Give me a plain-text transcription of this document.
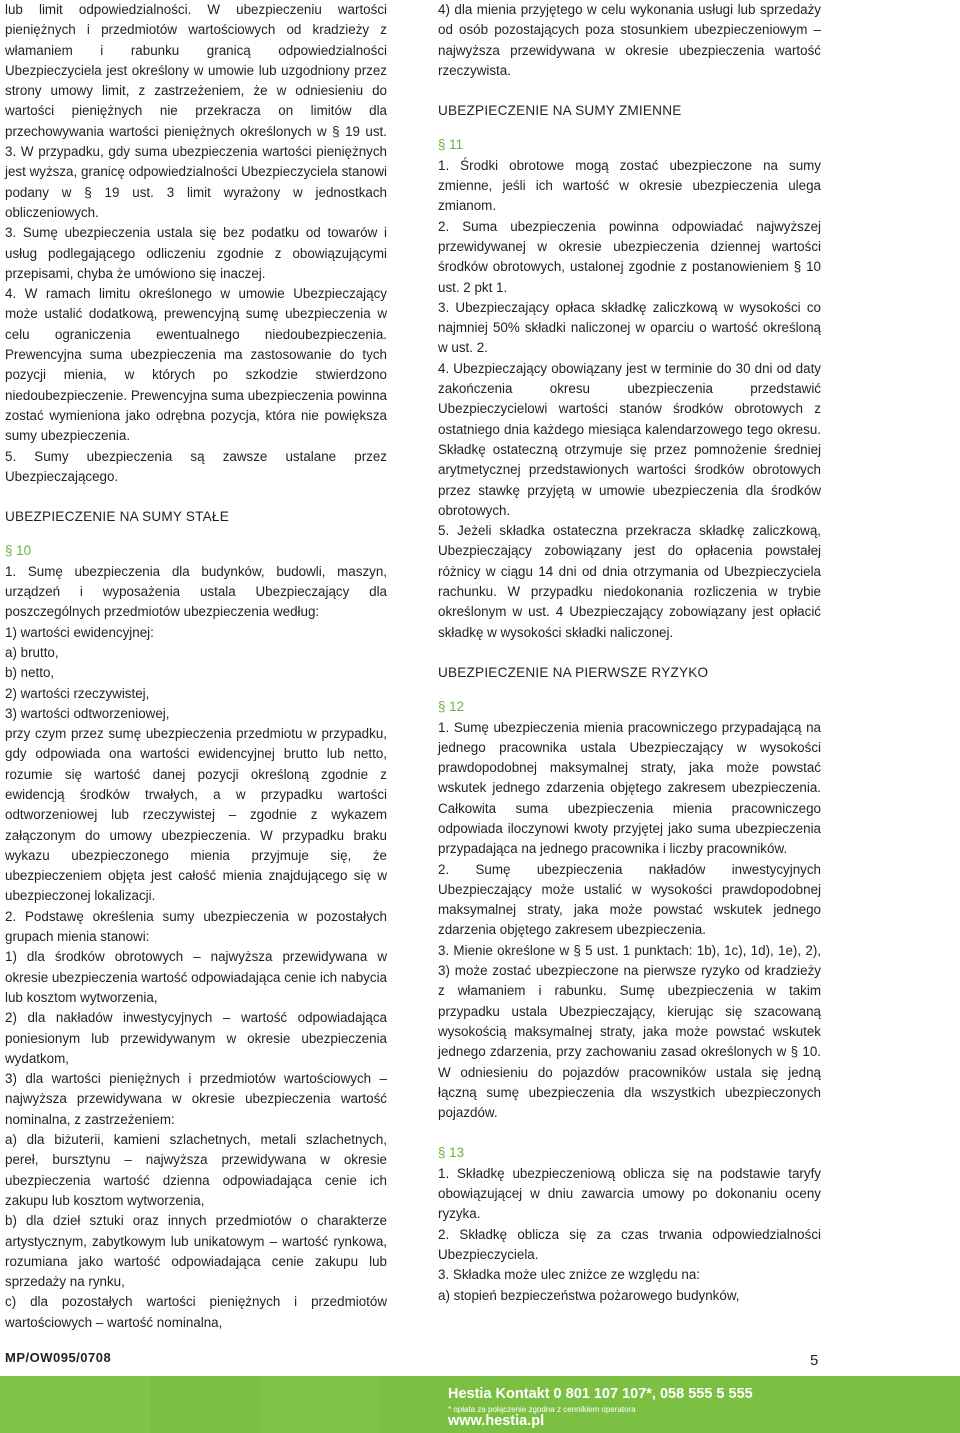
lub limit odpowiedzialności. W ubezpieczeniu wartości pieniężnych i przedmiotów wartościowych od kradzieży z włamaniem i rabunku granicą odpowiedzialności Ubezpieczyciela jest określony w umowie lub uzgodniony przez strony umowy limit, z zastrzeżeniem, że w odniesieniu do wartości pieniężnych nie przekracza on limitów dla przechowywania wartości pieniężnych określonych w § 19 ust. 3. W przypadku, gdy suma ubezpieczenia wartości pieniężnych jest wyższa, granicę odpowiedzialności Ubezpieczyciela stanowi podany w § 19 ust. 3 limit wyrażony w jednostkach obliczeniowych.

3. Sumę ubezpieczenia ustala się bez podatku od towarów i usług podlegającego odliczeniu zgodnie z obowiązującymi przepisami, chyba że umówiono się inaczej.

4. W ramach limitu określonego w umowie Ubezpieczający może ustalić dodatkową, prewencyjną sumę ubezpieczenia w celu ograniczenia ewentualnego niedoubezpieczenia. Prewencyjna suma ubezpieczenia ma zastosowanie do tych pozycji mienia, w których po szkodzie stwierdzono niedoubezpieczenie. Prewencyjna suma ubezpieczenia powinna zostać wymieniona jako odrębna pozycja, która nie powiększa sumy ubezpieczenia.

5. Sumy ubezpieczenia są zawsze ustalane przez Ubezpieczającego.

UBEZPIECZENIE NA SUMY STAŁE
§ 10

1. Sumę ubezpieczenia dla budynków, budowli, maszyn, urządzeń i wyposażenia ustala Ubezpieczający dla poszczególnych przedmiotów ubezpieczenia według:

1) wartości ewidencyjnej:

a) brutto,

b) netto,

2) wartości rzeczywistej,

3) wartości odtworzeniowej,

przy czym przez sumę ubezpieczenia przedmiotu w przypadku, gdy odpowiada ona wartości ewidencyjnej brutto lub netto, rozumie się wartość danej pozycji określoną zgodnie z ewidencją środków trwałych, a w przypadku wartości odtworzeniowej lub rzeczywistej – zgodnie z wykazem załączonym do umowy ubezpieczenia. W przypadku braku wykazu ubezpieczonego mienia przyjmuje się, że ubezpieczeniem objęta jest całość mienia znajdującego się w ubezpieczonej lokalizacji.

2. Podstawę określenia sumy ubezpieczenia w pozostałych grupach mienia stanowi:

1) dla środków obrotowych – najwyższa przewidywana w okresie ubezpieczenia wartość odpowiadająca cenie ich nabycia lub kosztom wytworzenia,

2) dla nakładów inwestycyjnych – wartość odpowiadająca poniesionym lub przewidywanym w okresie ubezpieczenia wydatkom,

3) dla wartości pieniężnych i przedmiotów wartościowych – najwyższa przewidywana w okresie ubezpieczenia wartość nominalna, z zastrzeżeniem:

a) dla biżuterii, kamieni szlachetnych, metali szlachetnych, pereł, bursztynu – najwyższa przewidywana w okresie ubezpieczenia wartość dzienna odpowiadająca cenie ich zakupu lub kosztom wytworzenia,

b) dla dzieł sztuki oraz innych przedmiotów o charakterze artystycznym, zabytkowym lub unikatowym – wartość rynkowa, rozumiana jako wartość odpowiadająca cenie zakupu lub sprzedaży na rynku,

c) dla pozostałych wartości pieniężnych i przedmiotów wartościowych – wartość nominalna,

4) dla mienia przyjętego w celu wykonania usługi lub sprzedaży od osób pozostających poza stosunkiem ubezpieczeniowym – najwyższa przewidywana w okresie ubezpieczenia wartość rzeczywista.

UBEZPIECZENIE NA SUMY ZMIENNE
§ 11

1. Środki obrotowe mogą zostać ubezpieczone na sumy zmienne, jeśli ich wartość w okresie ubezpieczenia ulega zmianom.

2. Suma ubezpieczenia powinna odpowiadać najwyższej przewidywanej w okresie ubezpieczenia dziennej wartości środków obrotowych, ustalonej zgodnie z postanowieniem § 10 ust. 2 pkt 1.

3. Ubezpieczający opłaca składkę zaliczkową w wysokości co najmniej 50% składki naliczonej w oparciu o wartość określoną w ust. 2.

4. Ubezpieczający obowiązany jest w terminie do 30 dni od daty zakończenia okresu ubezpieczenia przedstawić Ubezpieczycielowi wartości stanów środków obrotowych z ostatniego dnia każdego miesiąca kalendarzowego tego okresu. Składkę ostateczną otrzymuje się przez pomnożenie średniej arytmetycznej przedstawionych wartości środków obrotowych przez stawkę przyjętą w umowie ubezpieczenia dla środków obrotowych.

5. Jeżeli składka ostateczna przekracza składkę zaliczkową, Ubezpieczający zobowiązany jest do opłacenia powstałej różnicy w ciągu 14 dni od dnia otrzymania od Ubezpieczyciela rachunku. W przypadku niedokonania rozliczenia w trybie określonym w ust. 4 Ubezpieczający zobowiązany jest opłacić składkę w wysokości składki naliczonej.

UBEZPIECZENIE NA PIERWSZE RYZYKO
§ 12

1. Sumę ubezpieczenia mienia pracowniczego przypadającą na jednego pracownika ustala Ubezpieczający w wysokości prawdopodobnej maksymalnej straty, jaka może powstać wskutek jednego zdarzenia objętego zakresem ubezpieczenia. Całkowita suma ubezpieczenia mienia pracowniczego odpowiada iloczynowi kwoty przyjętej jako suma ubezpieczenia przypadająca na jednego pracownika i liczby pracowników.

2. Sumę ubezpieczenia nakładów inwestycyjnych Ubezpieczający może ustalić w wysokości prawdopodobnej maksymalnej straty, jaka może powstać wskutek jednego zdarzenia objętego zakresem ubezpieczenia.

3. Mienie określone w § 5 ust. 1 punktach: 1b), 1c), 1d), 1e), 2), 3) może zostać ubezpieczone na pierwsze ryzyko od kradzieży z włamaniem i rabunku. Sumę ubezpieczenia w takim przypadku ustala Ubezpieczający, kierując się szacowaną wysokością maksymalnej straty, jaka może powstać wskutek jednego zdarzenia, przy zachowaniu zasad określonych w § 10. W odniesieniu do pojazdów pracowników ustala się jedną łączną sumę ubezpieczenia dla wszystkich ubezpieczonych pojazdów.

§ 13

1. Składkę ubezpieczeniową oblicza się na podstawie taryfy obowiązującej w dniu zawarcia umowy po dokonaniu oceny ryzyka.

2. Składkę oblicza się za czas trwania odpowiedzialności Ubezpieczyciela.

3. Składka może ulec zniżce ze względu na:

a) stopień bezpieczeństwa pożarowego budynków,

MP/OW095/0708	5
Hestia Kontakt 0 801 107 107*, 058 555 5 555
* opłata za połączenie zgodna z cennikiem operatora
www.hestia.pl
